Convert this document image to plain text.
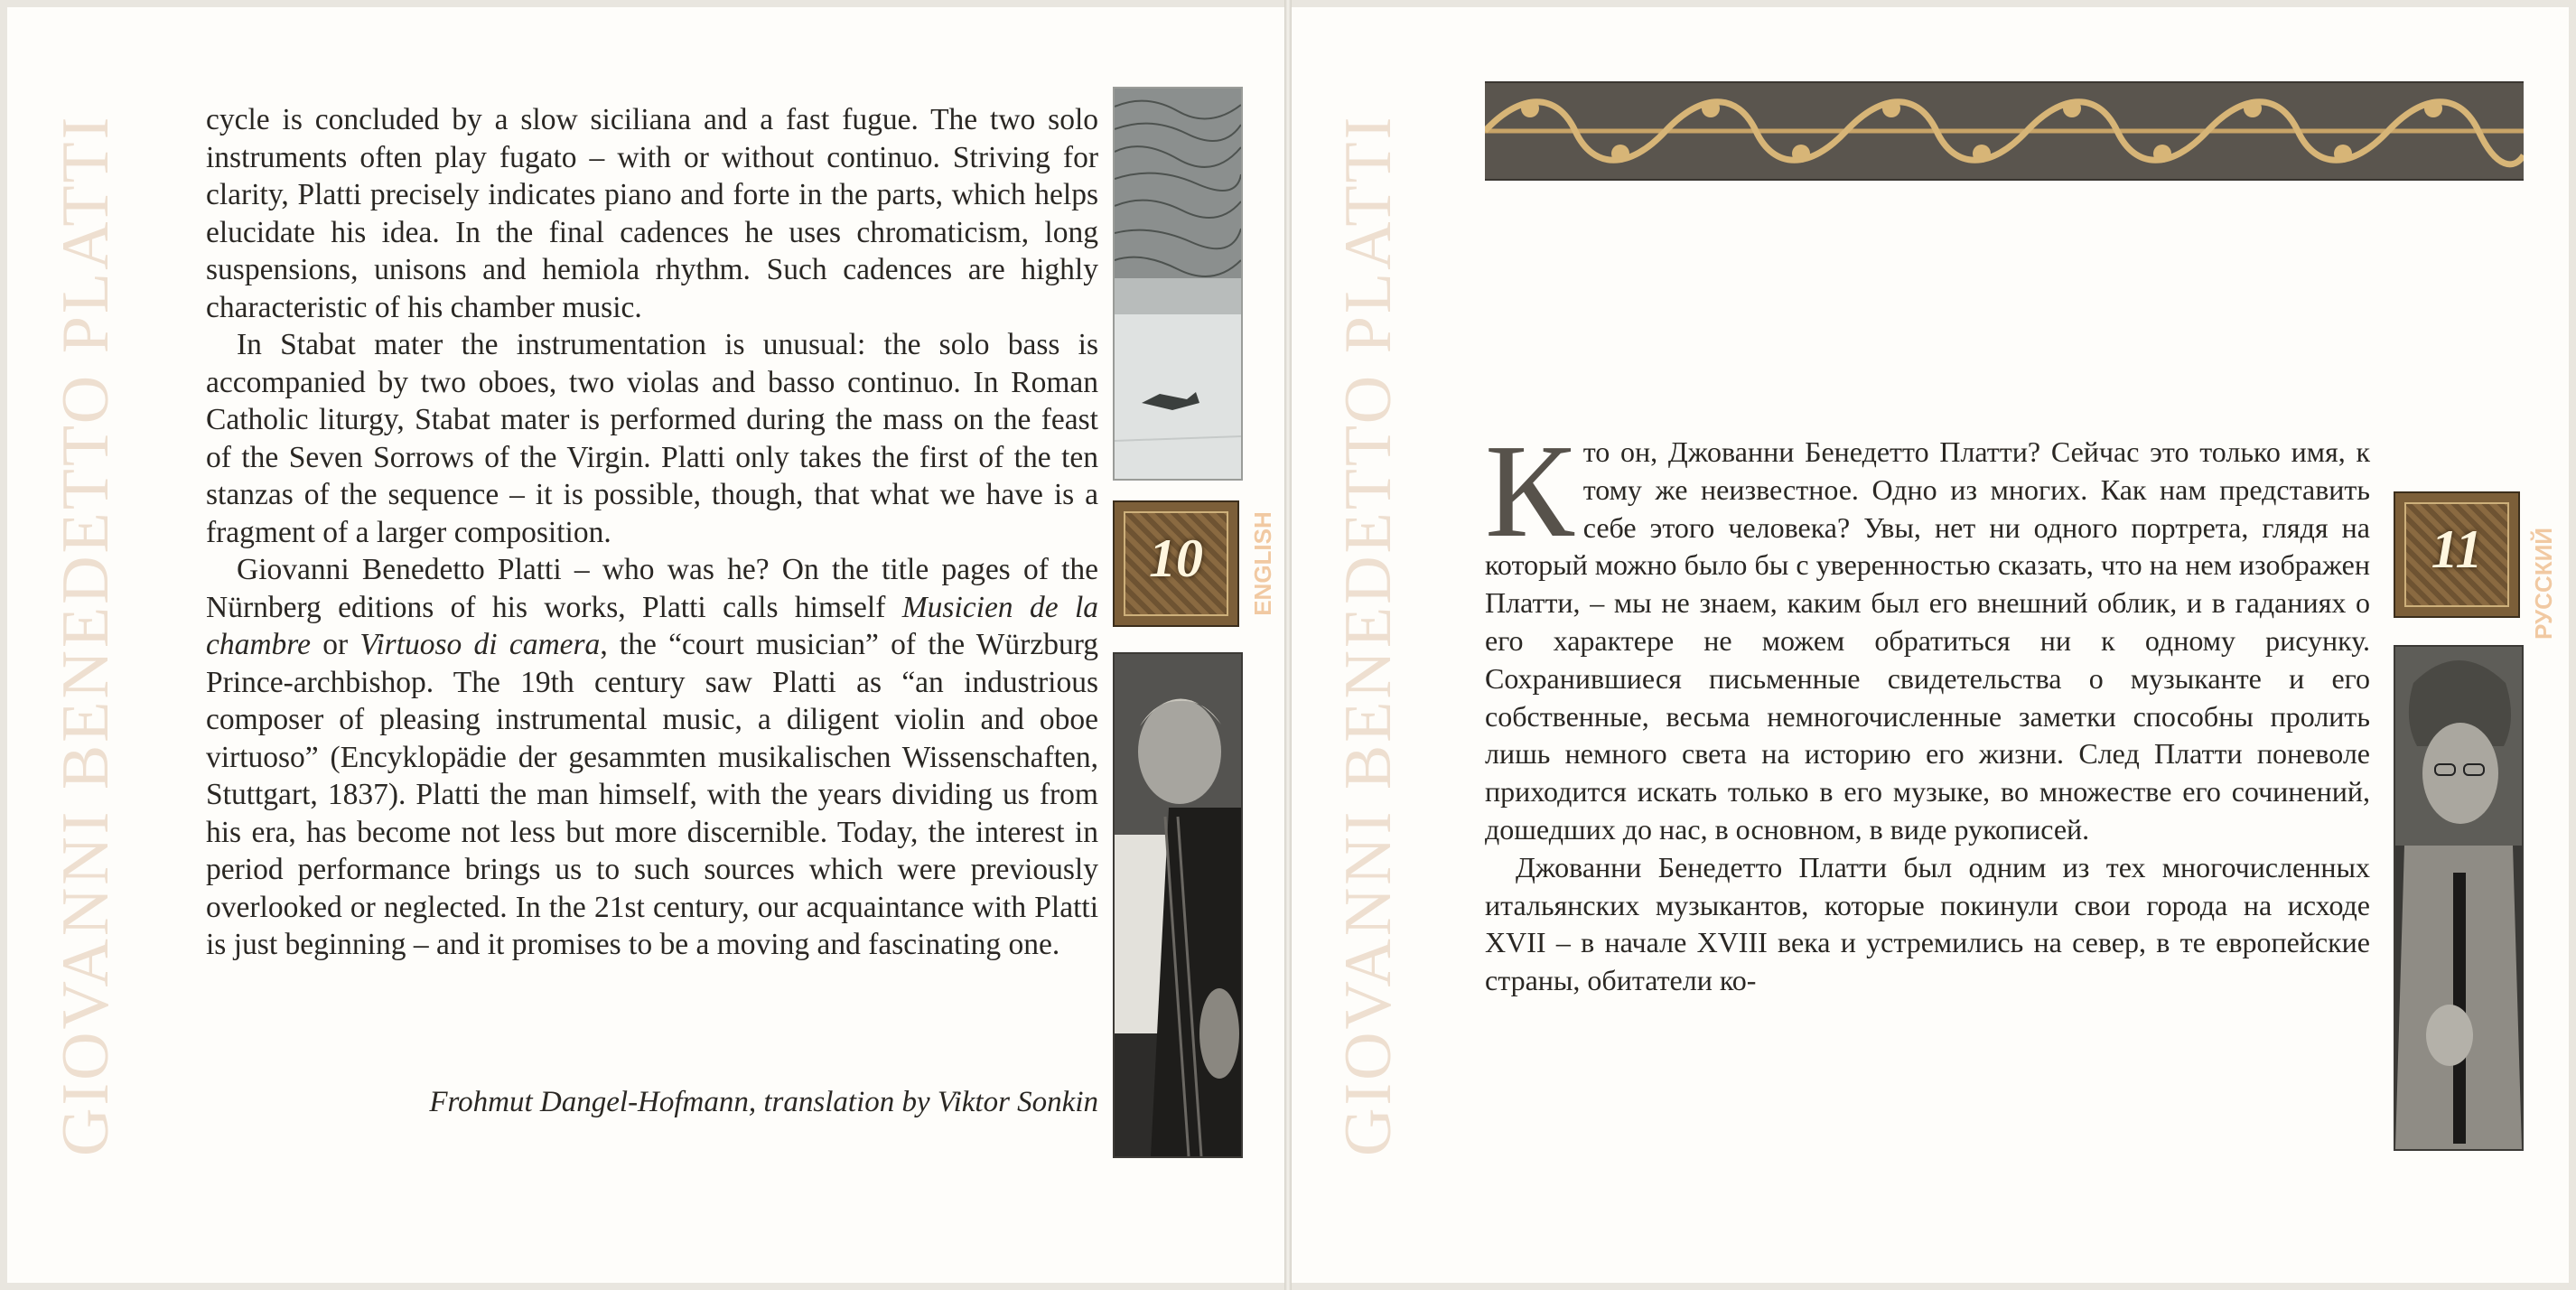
GIOVANNI BENEDETTO PLATTI	cycle is concluded by a slow siciliana and a fast fugue. The two solo instruments often play fugato – with or without continuo. Striving for clarity, Platti precisely indicates piano and forte in the parts, which helps elucidate his idea. In the final cadences he uses chromaticism, long suspensions, unisons and hemiola rhythm. Such cadences are highly characteristic of his chamber music.

In Stabat mater the instrumentation is unusual: the solo bass is accompanied by two oboes, two violas and basso continuo. In Roman Catholic liturgy, Stabat mater is performed during the mass on the feast of the Seven Sorrows of the Virgin. Platti only takes the first of the ten stanzas of the sequence – it is possible, though, that what we have is a fragment of a larger composition.

Giovanni Benedetto Platti – who was he? On the title pages of the Nürnberg editions of his works, Platti calls himself Musicien de la chambre or Virtuoso di camera, the “court musician” of the Würzburg Prince-archbishop. The 19th century saw Platti as “an industrious composer of pleasing instrumental music, a diligent violin and oboe virtuoso” (Encyklopädie der gesammten musikalischen Wissenschaften, Stuttgart, 1837). Platti the man himself, with the years dividing us from his era, has become not less but more discernible. Today, the interest in period performance brings us to such sources which were previously overlooked or neglected. In the 21st century, our acquaintance with Platti is just beginning – and it promises to be a moving and fascinating one.

Frohmut Dangel-Hofmann, translation by Viktor Sonkin
10	ENGLISH GIOVANNI BENEDETTO PLATTI Кто он, Джованни Бенедетто Платти? Сейчас это только имя, к тому же неизвестное. Одно из многих. Как нам представить себе этого человека? Увы, нет ни одного портрета, глядя на который можно было бы с уверенностью сказать, что на нем изображен Платти, – мы не знаем, каким был его внешний облик, и в гаданиях о его характере не можем обратиться ни к одному рисунку. Сохранившиеся письменные свидетельства о музыканте и его собственные, весьма немногочисленные заметки способны пролить лишь немного света на историю его жизни. След Платти поневоле приходится искать только в его музыке, во множестве его сочинений, дошедших до нас, в основном, в виде рукописей.

Джованни Бенедетто Платти был одним из тех многочисленных итальянских музыкантов, которые покинули свои города на исходе XVII – в начале XVIII века и устремились на север, в те европейские страны, обитатели ко-

11	РУССКИЙ
